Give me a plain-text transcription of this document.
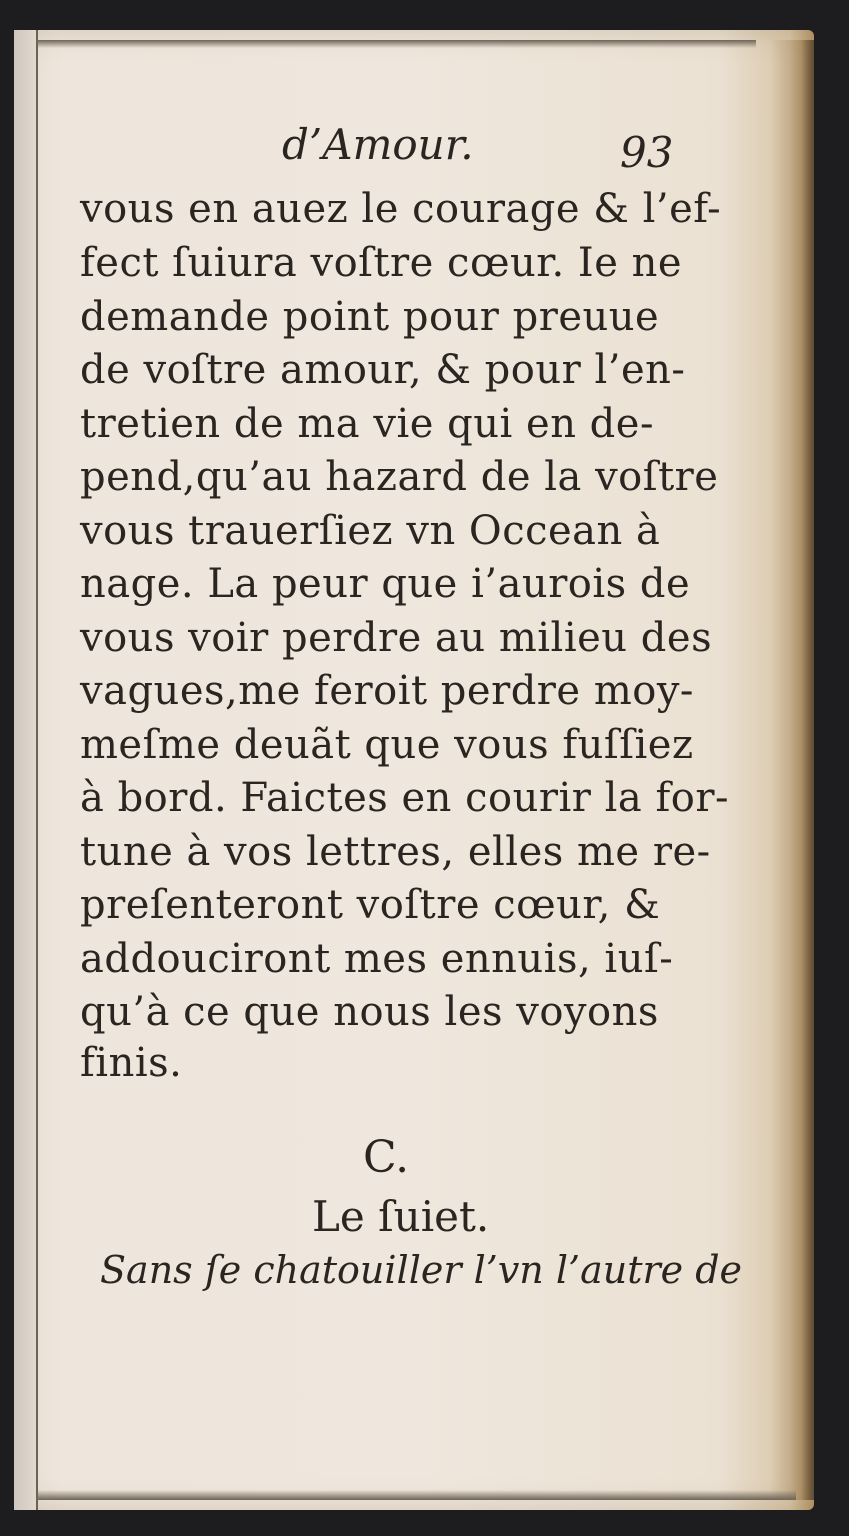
d’Amour.	93
vous en auez le courage & l’ef-
fect ſuiura voſtre cœur. Ie ne
demande point pour preuue
de voſtre amour, & pour l’en-
tretien de ma vie qui en de-
pend,qu’au hazard de la voſtre
vous trauerſiez vn Occean à
nage. La peur que i’aurois de
vous voir perdre au milieu des
vagues,me feroit perdre moy-
meſme deuãt que vous fuſſiez
à bord. Faictes en courir la for-
tune à vos lettres, elles me re-
preſenteront voſtre cœur, &
addouciront mes ennuis, iuſ-
qu’à ce que nous les voyons
finis.
C.
Le ſuiet.
Sans ſe chatouiller l’vn l’autre de
